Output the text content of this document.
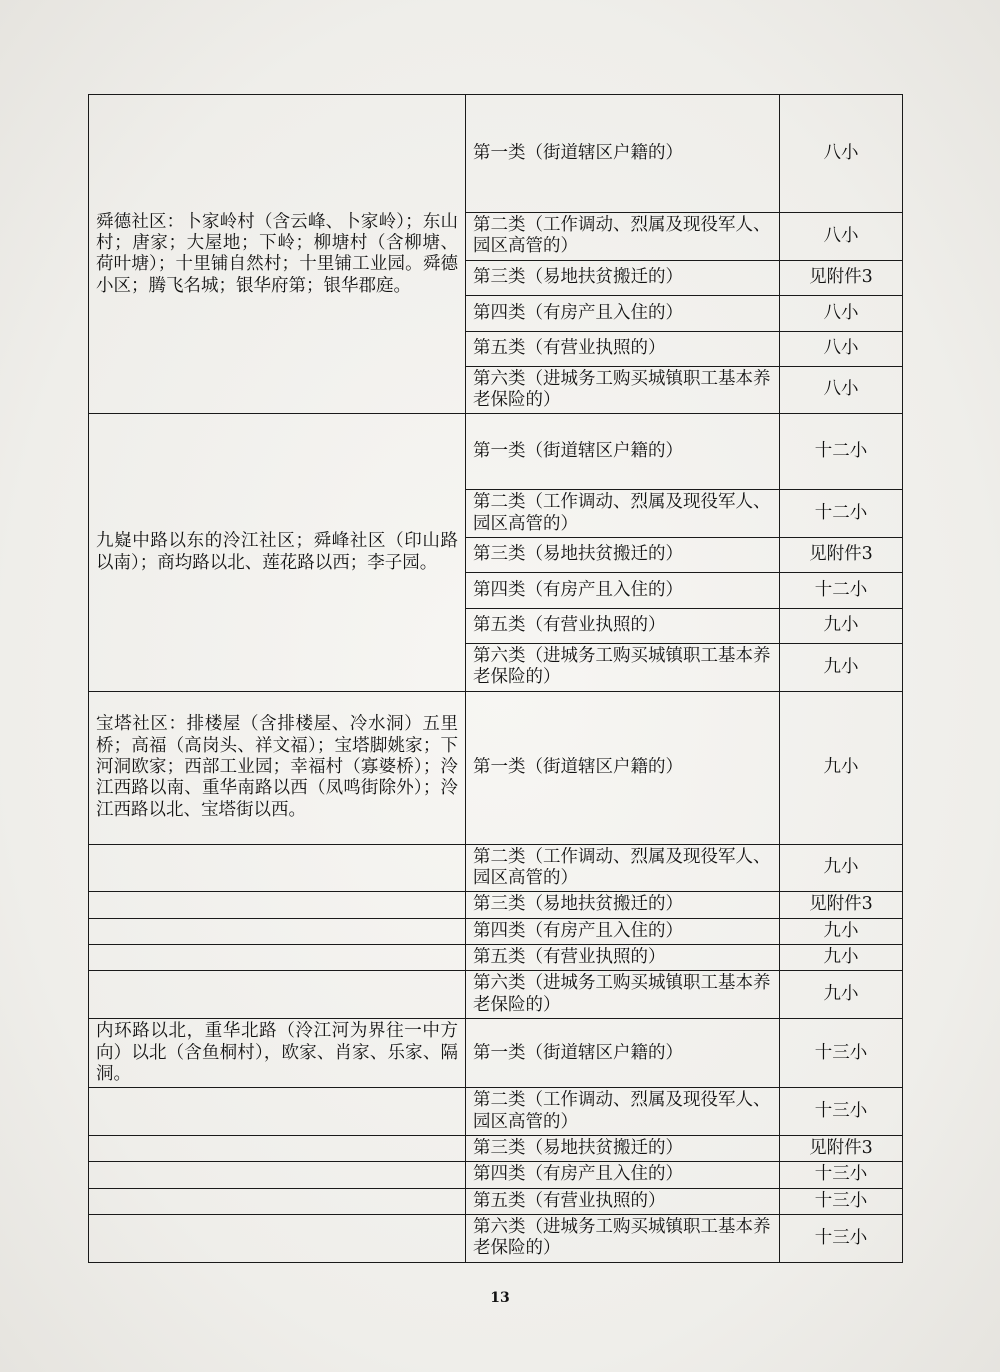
舜德社区：卜家岭村（含云峰、卜家岭）；东山村；唐家；大屋地；下岭；柳塘村（含柳塘、荷叶塘）；十里铺自然村；十里铺工业园。舜德小区；腾飞名城；银华府第；银华郡庭。	第一类（街道辖区户籍的）	八小
	第二类（工作调动、烈属及现役军人、园区高管的）	八小
	第三类（易地扶贫搬迁的）	见附件3
	第四类（有房产且入住的）	八小
	第五类（有营业执照的）	八小
	第六类（进城务工购买城镇职工基本养老保险的）	八小
九嶷中路以东的泠江社区；舜峰社区（印山路以南）；商均路以北、莲花路以西；李子园。	第一类（街道辖区户籍的）	十二小
	第二类（工作调动、烈属及现役军人、园区高管的）	十二小
	第三类（易地扶贫搬迁的）	见附件3
	第四类（有房产且入住的）	十二小
	第五类（有营业执照的）	九小
	第六类（进城务工购买城镇职工基本养老保险的）	九小
宝塔社区：排楼屋（含排楼屋、冷水洞）五里桥；高福（高岗头、祥文福）；宝塔脚姚家；下河洞欧家；西部工业园；幸福村（寡婆桥）；泠江西路以南、重华南路以西（凤鸣街除外）；泠江西路以北、宝塔街以西。	第一类（街道辖区户籍的）	九小
	第二类（工作调动、烈属及现役军人、园区高管的）	九小
	第三类（易地扶贫搬迁的）	见附件3
	第四类（有房产且入住的）	九小
	第五类（有营业执照的）	九小
	第六类（进城务工购买城镇职工基本养老保险的）	九小
内环路以北，重华北路（泠江河为界往一中方向）以北（含鱼桐村），欧家、肖家、乐家、隔洞。	第一类（街道辖区户籍的）	十三小
	第二类（工作调动、烈属及现役军人、园区高管的）	十三小
	第三类（易地扶贫搬迁的）	见附件3
	第四类（有房产且入住的）	十三小
	第五类（有营业执照的）	十三小
	第六类（进城务工购买城镇职工基本养老保险的）	十三小
13
